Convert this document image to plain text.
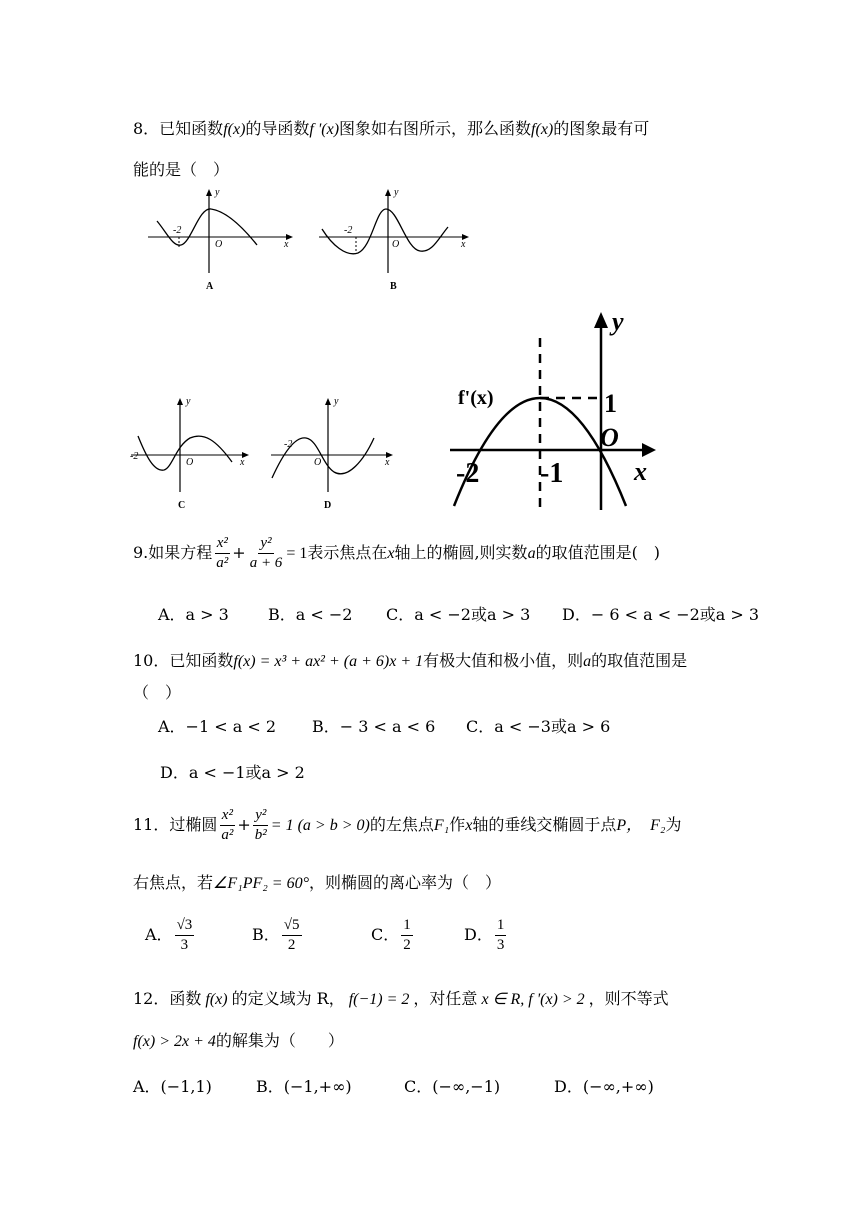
8．已知函数f(x)的导函数f '(x)图象如右图所示，那么函数f(x)的图象最有可
能的是（　）
y
x
O
-2
A
y
x
O
-2
B
y
x
O
-2
C
y
x
O
-2
D
y
x
f'(x)	1
O
-2 -1
9.如果方程 $\frac{\text{x²}}{\text{a²}} + \frac{\text{y²}}{a + 6} = 1$表示焦点在x轴上的椭圆,则实数a的取值范围是(　)
A．a > 3 B．a < −2 C．a < −2或a > 3 D．− 6 < a < −2或a > 3
10．已知函数f(x) = x³ + ax² + (a + 6)x + 1有极大值和极小值，则a的取值范围是
（　）
A．−1 < a < 2 B．− 3 < a < 6 C．a < −3或a > 6
D．a < −1或a > 2
11．过椭圆 $\frac{\text{x²}}{\text{a²}} + \frac{\text{y²}}{\text{b²}} = 1$ (a > b > 0)的左焦点F₁作x轴的垂线交椭圆于点P， F₂为
右焦点，若∠F₁PF₂ = 60°，则椭圆的离心率为（　）
A． $\frac{√3}{3}$	B． $\frac{√5}{2}$	C． $\frac{1}{2}$	D． $\frac{1}{3}$
12．函数 f(x) 的定义域为 R， f(−1) = 2 ，对任意 x ∈ R, f '(x) > 2 ，则不等式
f(x) > 2x + 4的解集为（　　）
A．(−1,1)	B．(−1,+∞)	C．(−∞,−1)	D．(−∞,+∞)
